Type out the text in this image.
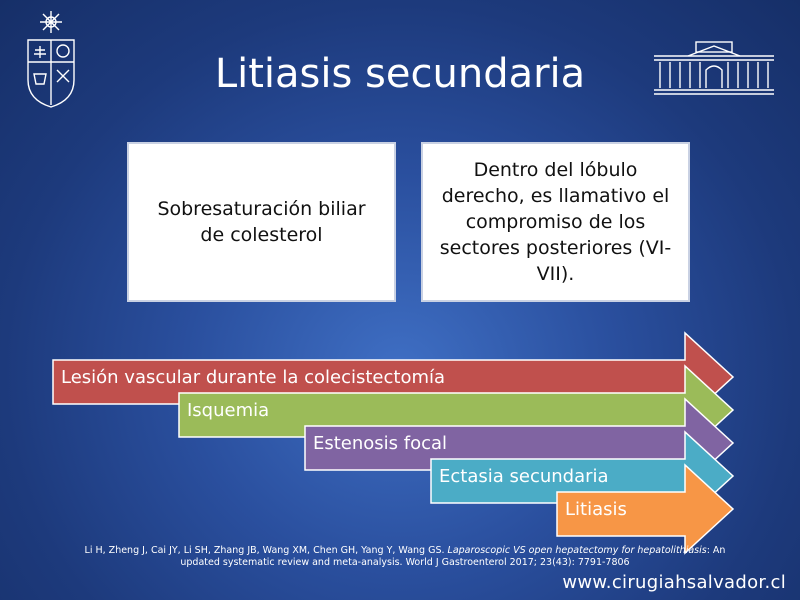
Litiasis secundaria
Sobresaturación biliar de colesterol
Dentro del lóbulo derecho, es llamativo el compromiso de los sectores posteriores (VI-VII).
Lesión vascular durante la colecistectomía
Isquemia
Estenosis focal
Ectasia secundaria
Litiasis
Li H, Zheng J, Cai JY, Li SH, Zhang JB, Wang XM, Chen GH, Yang Y, Wang GS. Laparoscopic VS open hepatectomy for hepatolithiasis: An
updated systematic review and meta-analysis. World J Gastroenterol 2017; 23(43): 7791-7806
www.cirugiahsalvador.cl
